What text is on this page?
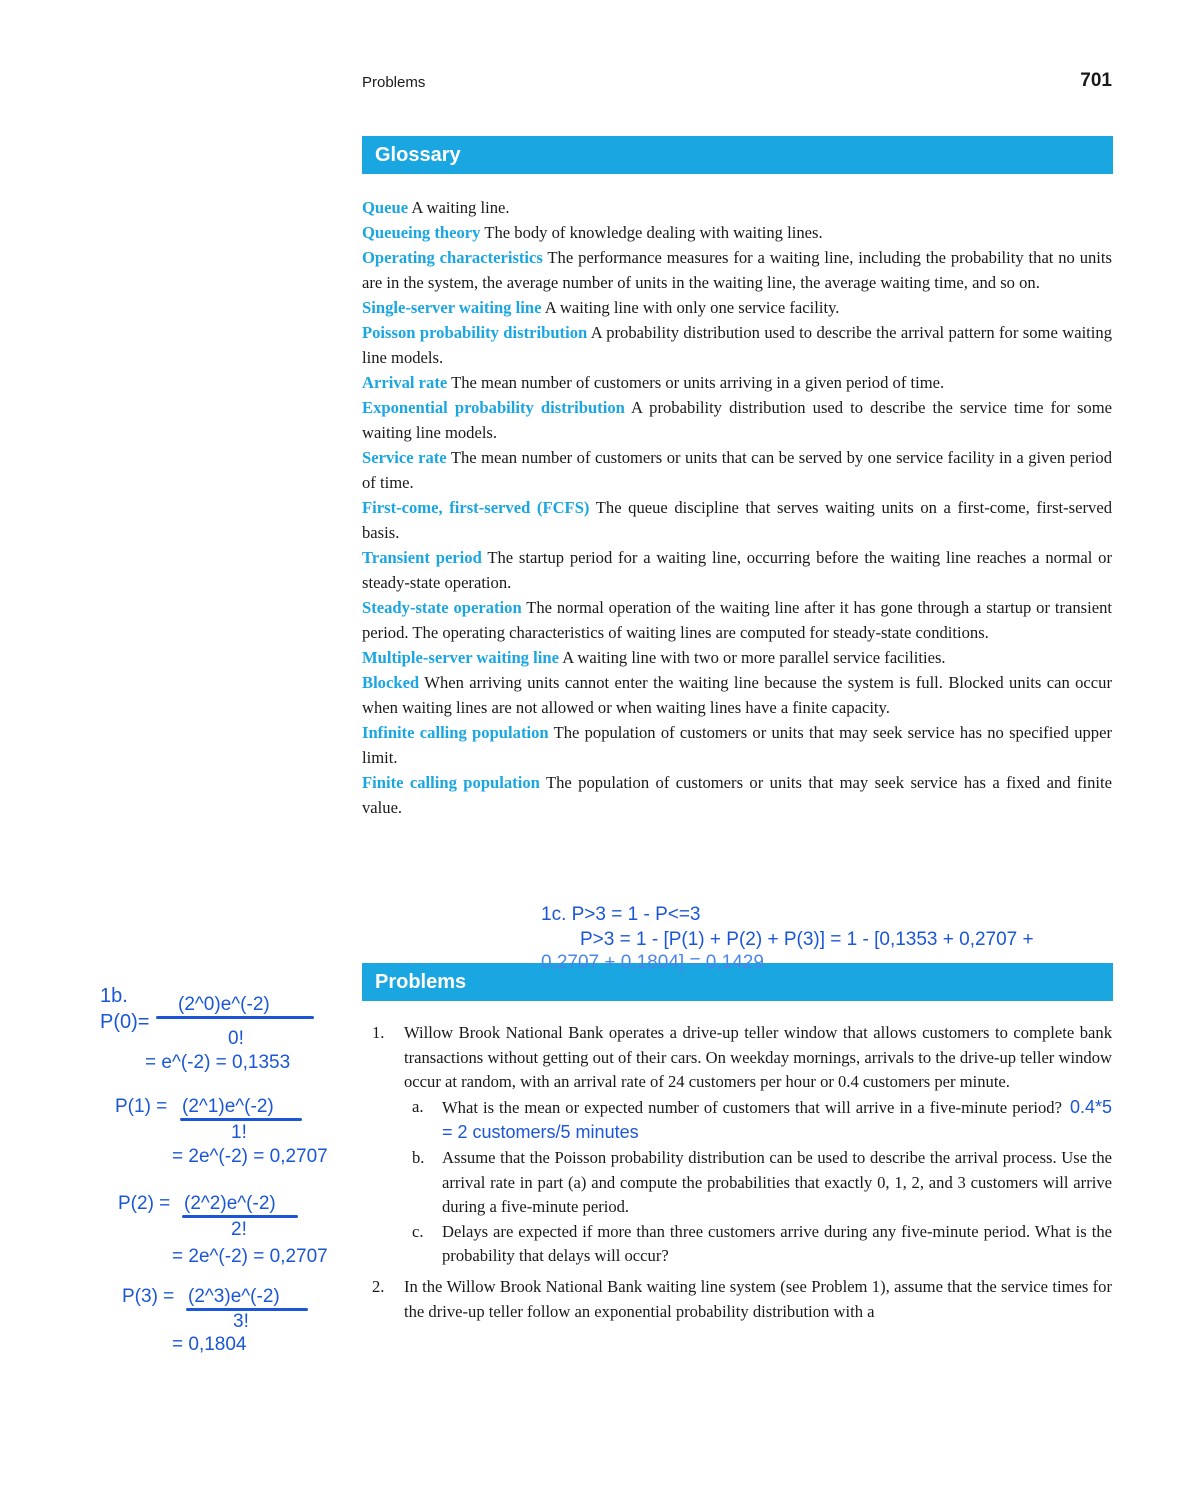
Problems	701
Glossary

Queue A waiting line.

Queueing theory The body of knowledge dealing with waiting lines.

Operating characteristics The performance measures for a waiting line, including the probability that no units are in the system, the average number of units in the waiting line, the average waiting time, and so on.

Single-server waiting line A waiting line with only one service facility.

Poisson probability distribution A probability distribution used to describe the arrival pattern for some waiting line models.

Arrival rate The mean number of customers or units arriving in a given period of time.

Exponential probability distribution A probability distribution used to describe the service time for some waiting line models.

Service rate The mean number of customers or units that can be served by one service facility in a given period of time.

First-come, first-served (FCFS) The queue discipline that serves waiting units on a first-come, first-served basis.

Transient period The startup period for a waiting line, occurring before the waiting line reaches a normal or steady-state operation.

Steady-state operation The normal operation of the waiting line after it has gone through a startup or transient period. The operating characteristics of waiting lines are computed for steady-state conditions.

Multiple-server waiting line A waiting line with two or more parallel service facilities.

Blocked When arriving units cannot enter the waiting line because the system is full. Blocked units can occur when waiting lines are not allowed or when waiting lines have a finite capacity.

Infinite calling population The population of customers or units that may seek service has no specified upper limit.

Finite calling population The population of customers or units that may seek service has a fixed and finite value.

1c. P>3 = 1 - P<=3
P>3 = 1 - [P(1) + P(2) + P(3)] = 1 - [0,1353 + 0,2707 +
Problems
0,2707 + 0,1804] = 0,1429
1. Willow Brook National Bank operates a drive-up teller window that allows customers to complete bank transactions without getting out of their cars. On weekday mornings, arrivals to the drive-up teller window occur at random, with an arrival rate of 24 customers per hour or 0.4 customers per minute.
a. What is the mean or expected number of customers that will arrive in a five-minute period? 0.4*5 = 2 customers/5 minutes
b. Assume that the Poisson probability distribution can be used to describe the arrival process. Use the arrival rate in part (a) and compute the probabilities that exactly 0, 1, 2, and 3 customers will arrive during a five-minute period.
c. Delays are expected if more than three customers arrive during any five-minute period. What is the probability that delays will occur?
2. In the Willow Brook National Bank waiting line system (see Problem 1), assume that the service times for the drive-up teller follow an exponential probability distribution with a
1b.
P(0)=
(2^0)e^(-2)
0!
= e^(-2) = 0,1353
P(1) = (2^1)e^(-2)
1!
= 2e^(-2) = 0,2707
P(2) = (2^2)e^(-2)
2!
= 2e^(-2) = 0,2707
P(3) = (2^3)e^(-2)
3!
= 0,1804
